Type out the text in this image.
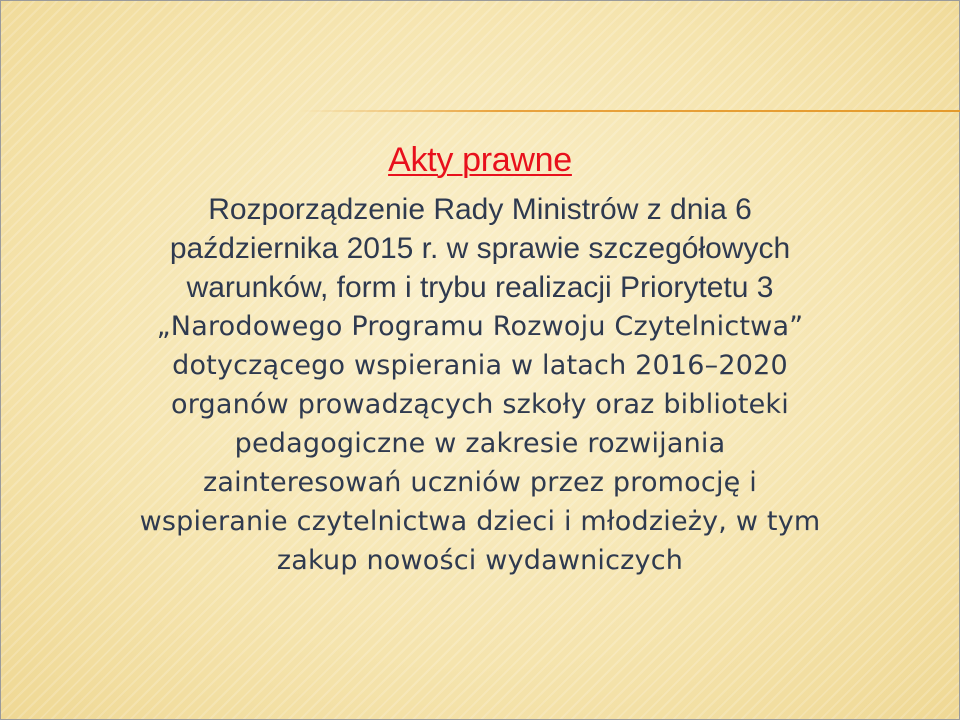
Akty prawne
Rozporządzenie Rady Ministrów z dnia 6
października 2015 r. w sprawie szczegółowych
warunków, form i trybu realizacji Priorytetu 3
„Narodowego Programu Rozwoju Czytelnictwa”
dotyczącego wspierania w latach 2016–2020
organów prowadzących szkoły oraz biblioteki
pedagogiczne w zakresie rozwijania
zainteresowań uczniów przez promocję i
wspieranie czytelnictwa dzieci i młodzieży, w tym
zakup nowości wydawniczych
